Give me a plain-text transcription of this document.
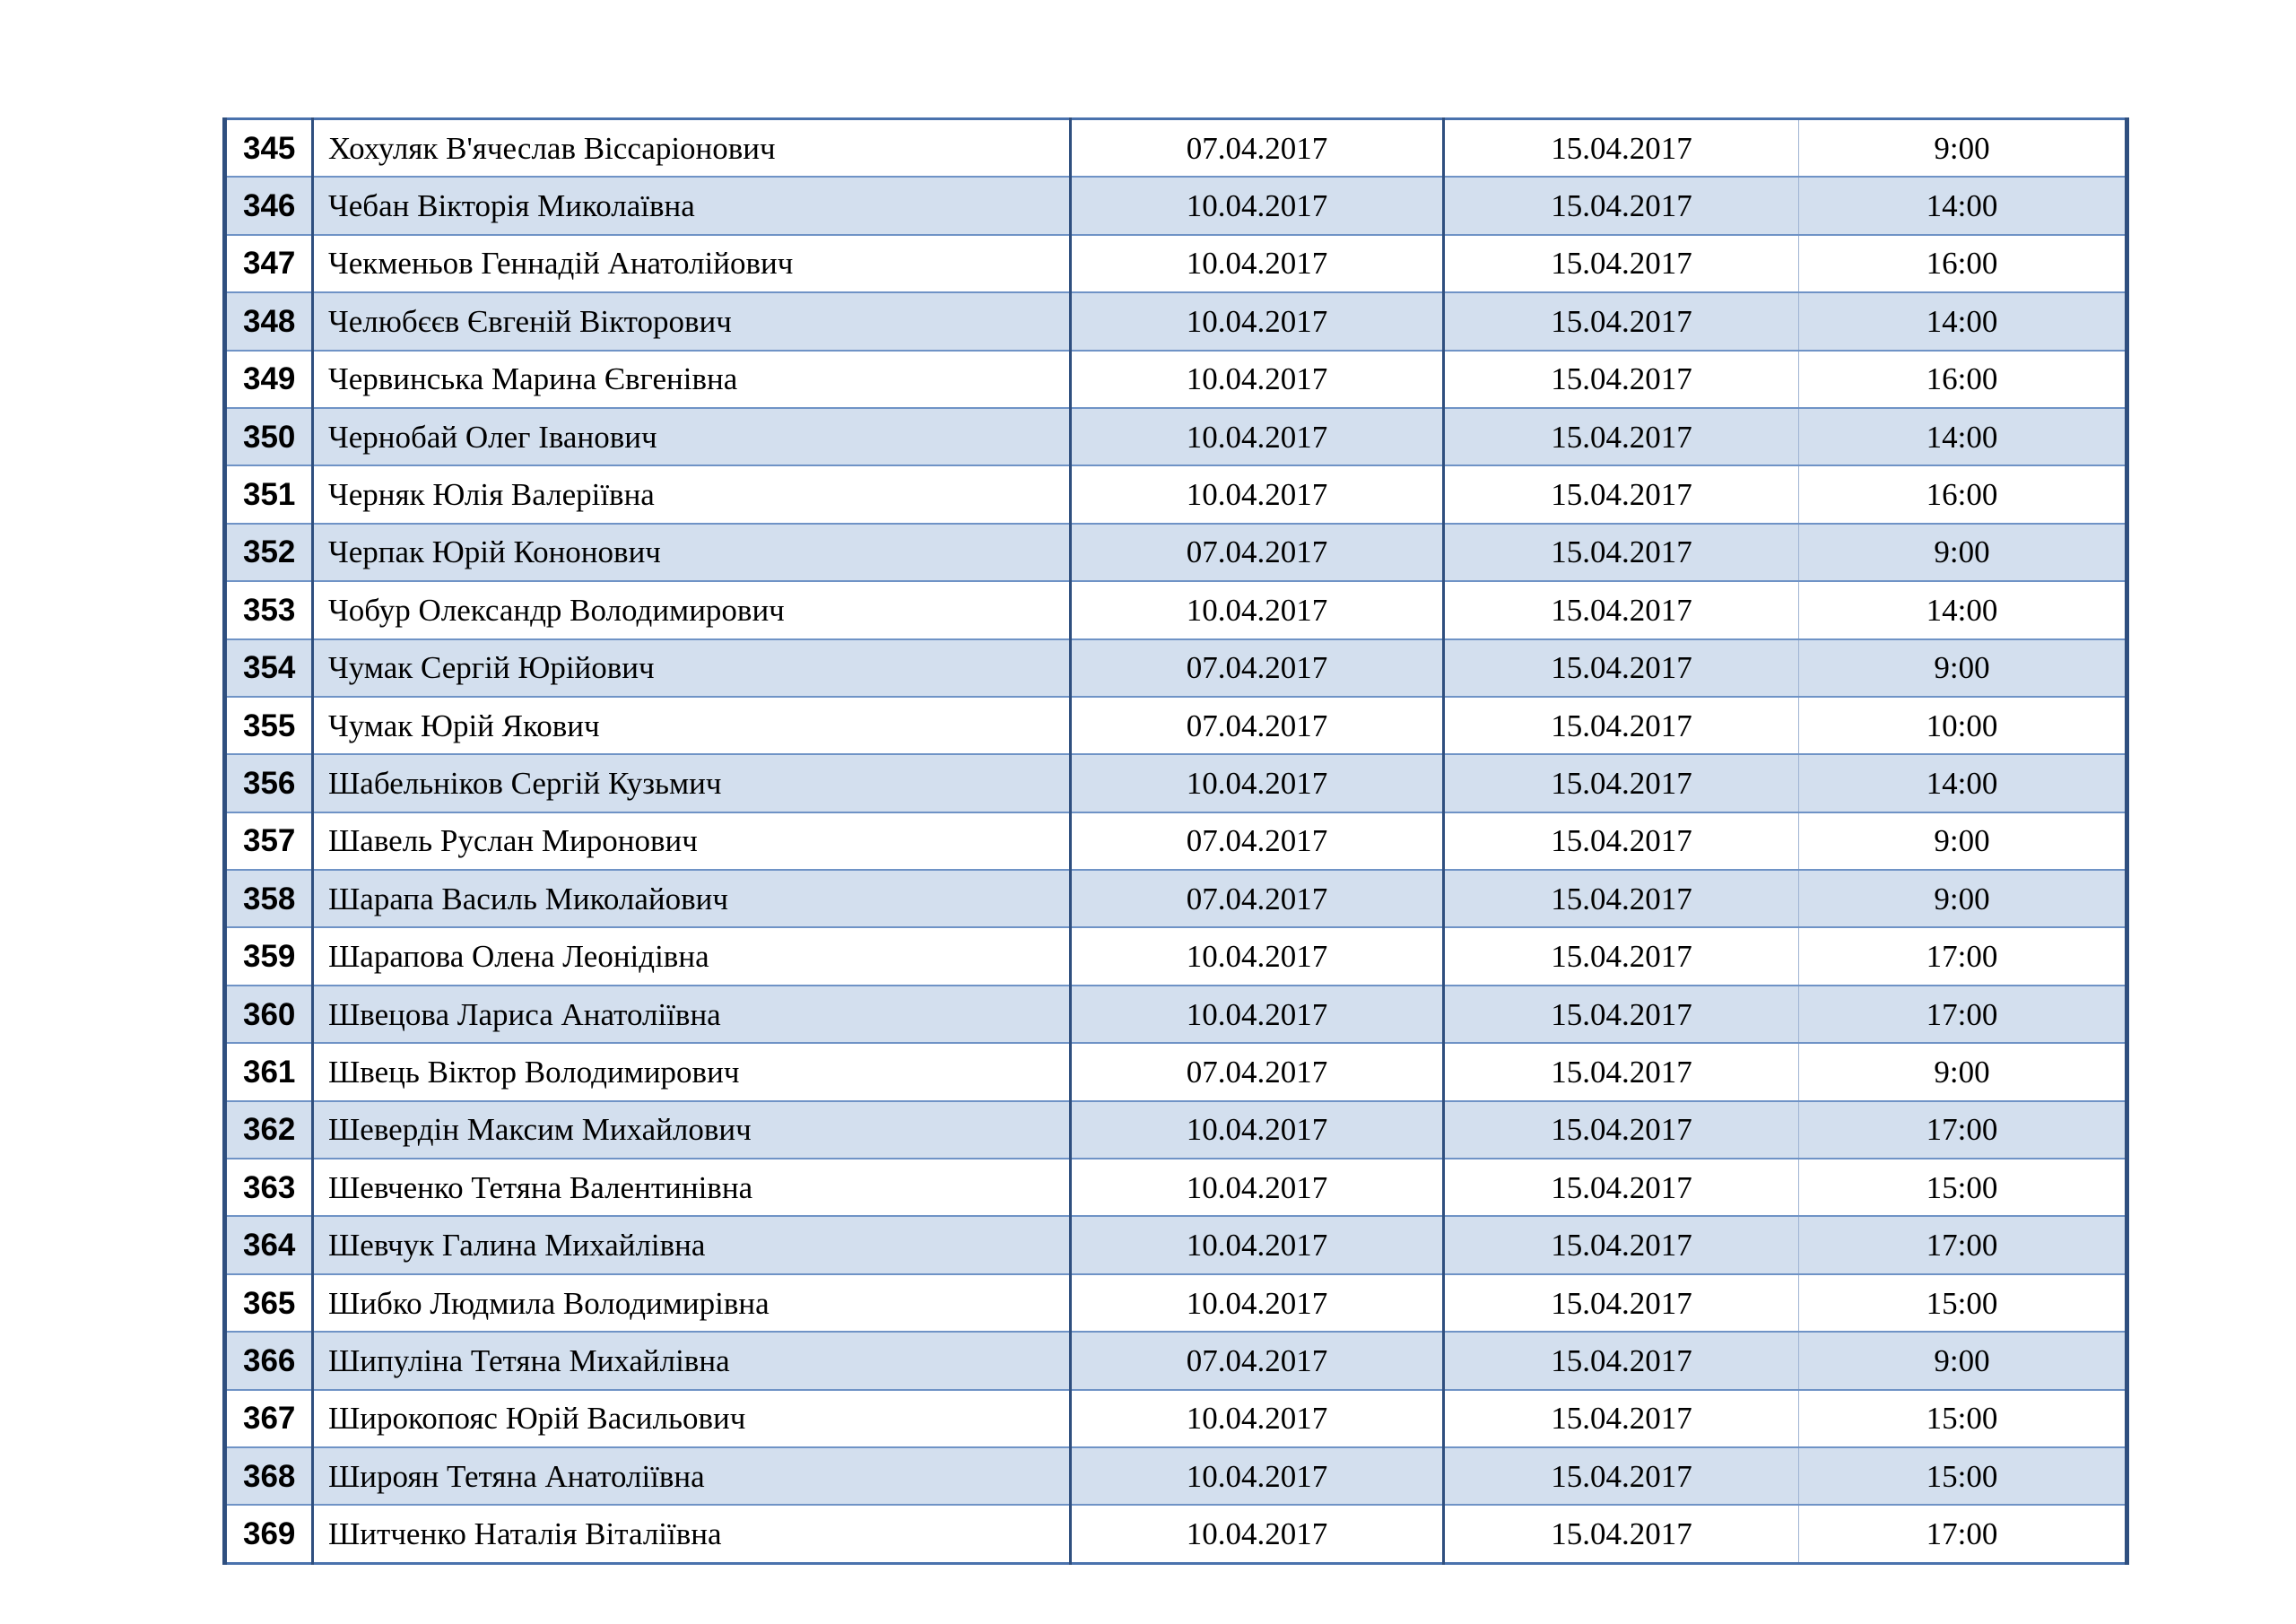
345	Хохуляк В'ячеслав Віссаріонович	07.04.2017	15.04.2017	9:00
346	Чебан Вікторія Миколаївна	10.04.2017	15.04.2017	14:00
347	Чекменьов Геннадій Анатолійович	10.04.2017	15.04.2017	16:00
348	Челюбєєв Євгеній Вікторович	10.04.2017	15.04.2017	14:00
349	Червинська Марина Євгенівна	10.04.2017	15.04.2017	16:00
350	Чернобай Олег Іванович	10.04.2017	15.04.2017	14:00
351	Черняк Юлія Валеріївна	10.04.2017	15.04.2017	16:00
352	Черпак Юрій Кононович	07.04.2017	15.04.2017	9:00
353	Чобур Олександр Володимирович	10.04.2017	15.04.2017	14:00
354	Чумак Сергій Юрійович	07.04.2017	15.04.2017	9:00
355	Чумак Юрій Якович	07.04.2017	15.04.2017	10:00
356	Шабельніков Сергій Кузьмич	10.04.2017	15.04.2017	14:00
357	Шавель Руслан Миронович	07.04.2017	15.04.2017	9:00
358	Шарапа Василь Миколайович	07.04.2017	15.04.2017	9:00
359	Шарапова Олена Леонідівна	10.04.2017	15.04.2017	17:00
360	Швецова Лариса Анатоліївна	10.04.2017	15.04.2017	17:00
361	Швець Віктор Володимирович	07.04.2017	15.04.2017	9:00
362	Шевердін Максим Михайлович	10.04.2017	15.04.2017	17:00
363	Шевченко Тетяна Валентинівна	10.04.2017	15.04.2017	15:00
364	Шевчук Галина Михайлівна	10.04.2017	15.04.2017	17:00
365	Шибко Людмила Володимирівна	10.04.2017	15.04.2017	15:00
366	Шипуліна Тетяна Михайлівна	07.04.2017	15.04.2017	9:00
367	Широкопояс Юрій Васильович	10.04.2017	15.04.2017	15:00
368	Широян Тетяна Анатоліївна	10.04.2017	15.04.2017	15:00
369	Шитченко Наталія Віталіївна	10.04.2017	15.04.2017	17:00
